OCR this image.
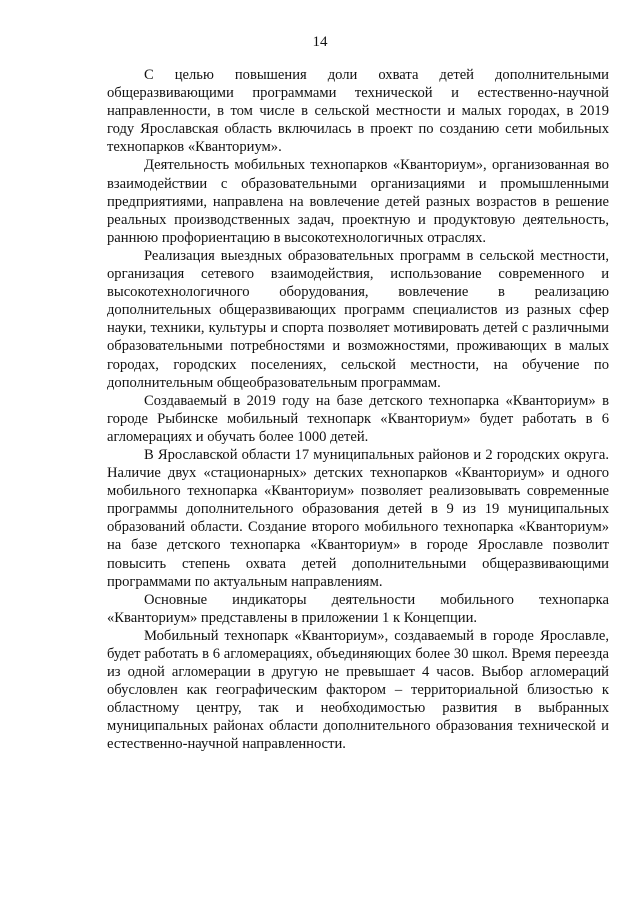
14

С целью повышения доли охвата детей дополнительными общеразвивающими программами технической и естественно-научной направленности, в том числе в сельской местности и малых городах, в 2019 году Ярославская область включилась в проект по созданию сети мобильных технопарков «Кванториум».

Деятельность мобильных технопарков «Кванториум», организованная во взаимодействии с образовательными организациями и промышленными предприятиями, направлена на вовлечение детей разных возрастов в решение реальных производственных задач, проектную и продуктовую деятельность, раннюю профориентацию в высокотехнологичных отраслях.

Реализация выездных образовательных программ в сельской местности, организация сетевого взаимодействия, использование современного и высокотехнологичного оборудования, вовлечение в реализацию дополнительных общеразвивающих программ специалистов из разных сфер науки, техники, культуры и спорта позволяет мотивировать детей с различными образовательными потребностями и возможностями, проживающих в малых городах, городских поселениях, сельской местности, на обучение по дополнительным общеобразовательным программам.

Создаваемый в 2019 году на базе детского технопарка «Кванториум» в городе Рыбинске мобильный технопарк «Кванториум» будет работать в 6 агломерациях и обучать более 1000 детей.

В Ярославской области 17 муниципальных районов и 2 городских округа. Наличие двух «стационарных» детских технопарков «Кванториум» и одного мобильного технопарка «Кванториум» позволяет реализовывать современные программы дополнительного образования детей в 9 из 19 муниципальных образований области. Создание второго мобильного технопарка «Кванториум» на базе детского технопарка «Кванториум» в городе Ярославле позволит повысить степень охвата детей дополнительными общеразвивающими программами по актуальным направлениям.

Основные индикаторы деятельности мобильного технопарка «Кванториум» представлены в приложении 1 к Концепции.

Мобильный технопарк «Кванториум», создаваемый в городе Ярославле, будет работать в 6 агломерациях, объединяющих более 30 школ. Время переезда из одной агломерации в другую не превышает 4 часов. Выбор агломераций обусловлен как географическим фактором – территориальной близостью к областному центру, так и необходимостью развития в выбранных муниципальных районах области дополнительного образования технической и естественно-научной направленности.
